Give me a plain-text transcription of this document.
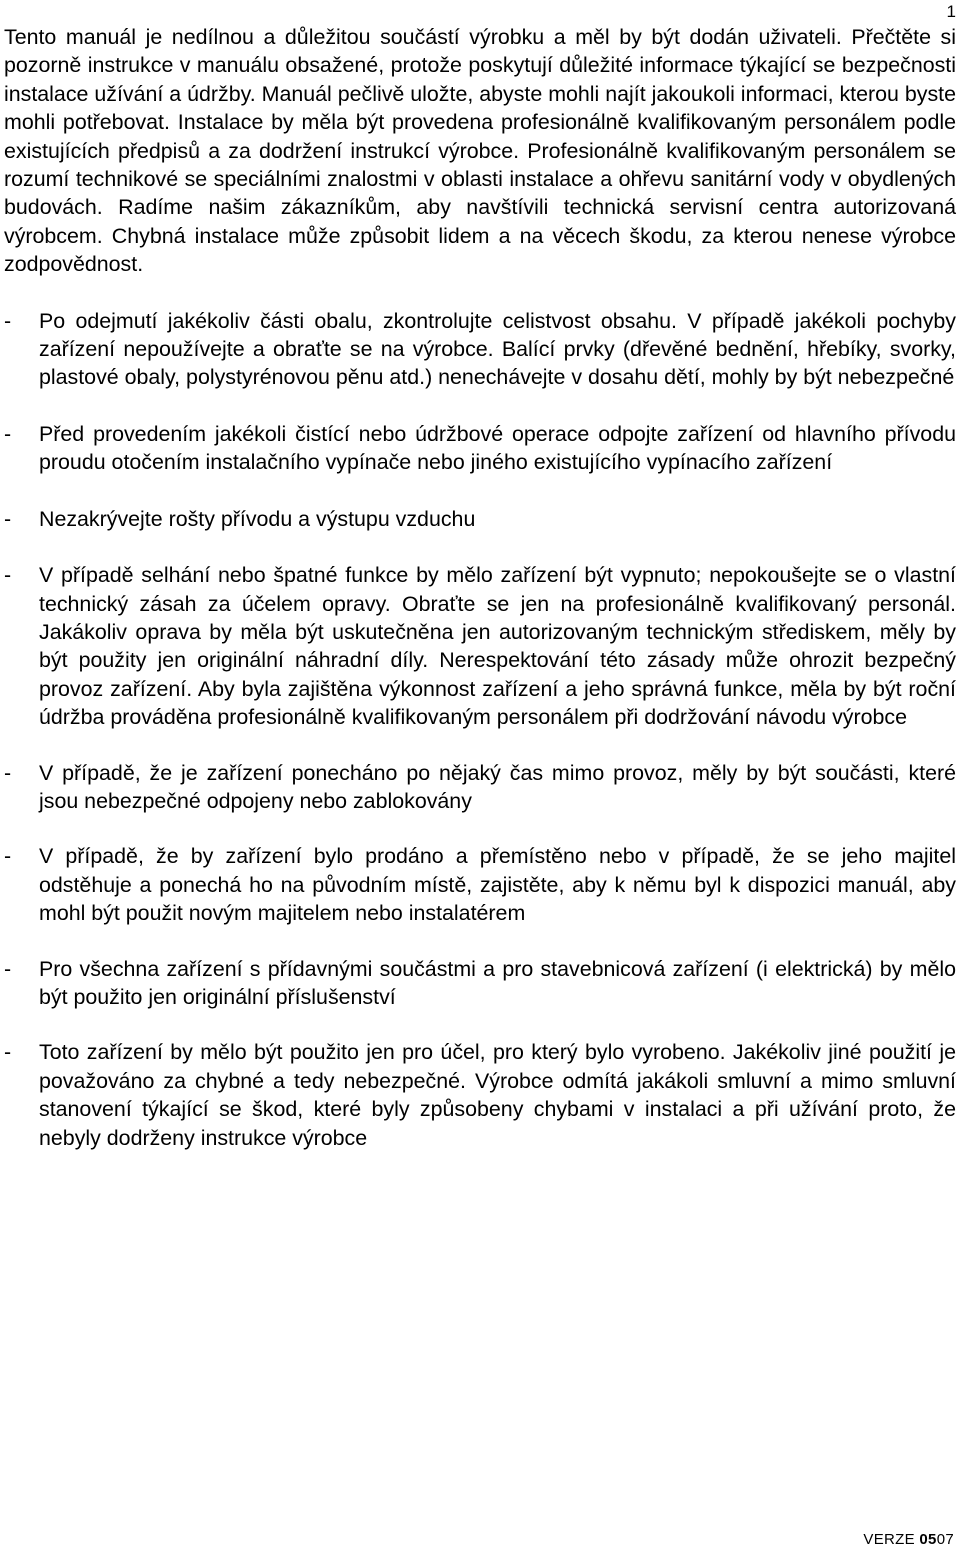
1

Tento manuál je nedílnou a důležitou součástí výrobku a měl by být dodán uživateli. Přečtěte si pozorně instrukce v manuálu obsažené, protože poskytují důležité informace týkající se bezpečnosti instalace užívání a údržby. Manuál pečlivě uložte, abyste mohli najít jakoukoli informaci, kterou byste mohli potřebovat. Instalace by měla být provedena profesionálně kvalifikovaným personálem podle existujících předpisů a za dodržení instrukcí výrobce. Profesionálně kvalifikovaným personálem se rozumí technikové se speciálními znalostmi v oblasti instalace a ohřevu sanitární vody v obydlených budovách. Radíme našim zákazníkům, aby navštívili technická servisní centra autorizovaná výrobcem. Chybná instalace může způsobit lidem a na věcech škodu, za kterou nenese výrobce zodpovědnost.

- Po odejmutí jakékoliv části obalu, zkontrolujte celistvost obsahu. V případě jakékoli pochyby zařízení nepoužívejte a obraťte se na výrobce. Balící prvky (dřevěné bednění, hřebíky, svorky, plastové obaly, polystyrénovou pěnu atd.) nenechávejte v dosahu dětí, mohly by být nebezpečné
- Před provedením jakékoli čistící nebo údržbové operace odpojte zařízení od hlavního přívodu proudu otočením instalačního vypínače nebo jiného existujícího vypínacího zařízení
- Nezakrývejte rošty přívodu a výstupu vzduchu
- V případě selhání nebo špatné funkce by mělo zařízení být vypnuto; nepokoušejte se o vlastní technický zásah za účelem opravy. Obraťte se jen na profesionálně kvalifikovaný personál. Jakákoliv oprava by měla být uskutečněna jen autorizovaným technickým střediskem, měly by být použity jen originální náhradní díly. Nerespektování této zásady může ohrozit bezpečný provoz zařízení. Aby byla zajištěna výkonnost zařízení a jeho správná funkce, měla by být roční údržba prováděna profesionálně kvalifikovaným personálem při dodržování návodu výrobce
- V případě, že je zařízení ponecháno po nějaký čas mimo provoz, měly by být součásti, které jsou nebezpečné odpojeny nebo zablokovány
- V případě, že by zařízení bylo prodáno a přemístěno nebo v případě, že se jeho majitel odstěhuje a ponechá ho na původním místě, zajistěte, aby k němu byl k dispozici manuál, aby mohl být použit novým majitelem nebo instalatérem
- Pro všechna zařízení s přídavnými součástmi a pro stavebnicová zařízení (i elektrická) by mělo být použito jen originální příslušenství
- Toto zařízení by mělo být použito jen pro účel, pro který bylo vyrobeno. Jakékoliv jiné použití je považováno za chybné a tedy nebezpečné. Výrobce odmítá jakákoli smluvní a mimo smluvní stanovení týkající se škod, které byly způsobeny chybami v instalaci a při užívání proto, že nebyly dodrženy instrukce výrobce
VERZE 0507
